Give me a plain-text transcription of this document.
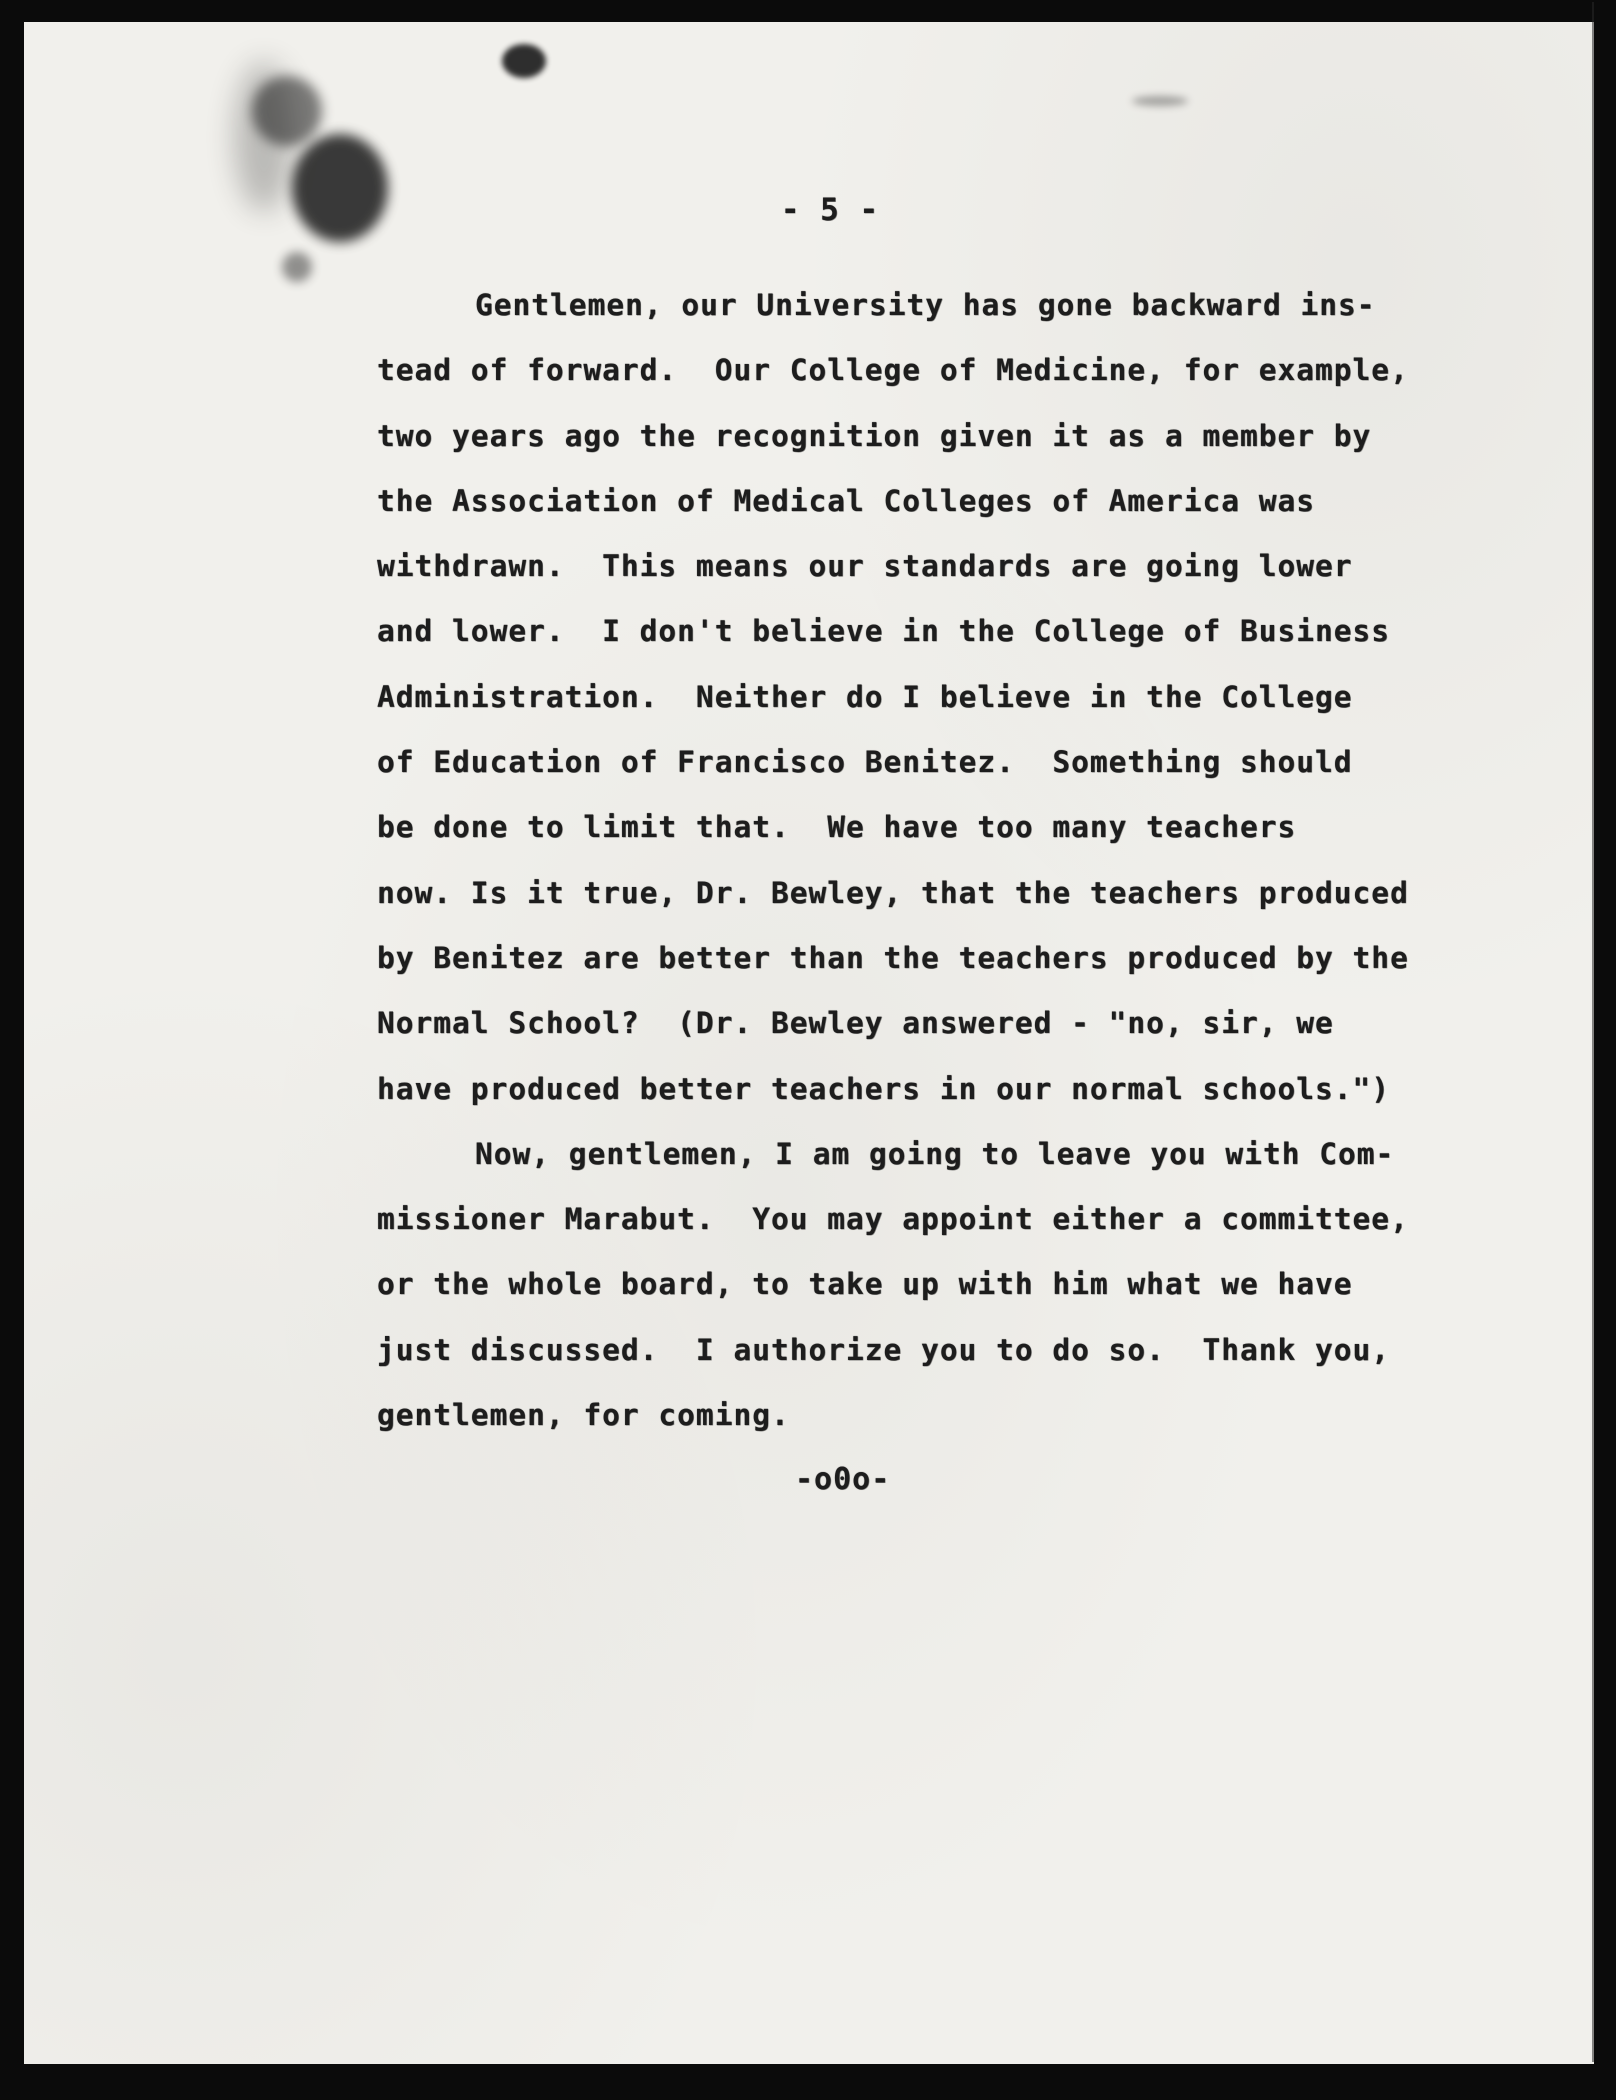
- 5 -
Gentlemen, our University has gone backward ins-
tead of forward.  Our College of Medicine, for example,
two years ago the recognition given it as a member by
the Association of Medical Colleges of America was
withdrawn.  This means our standards are going lower
and lower.  I don't believe in the College of Business
Administration.  Neither do I believe in the College
of Education of Francisco Benitez.  Something should
be done to limit that.  We have too many teachers
now. Is it true, Dr. Bewley, that the teachers produced
by Benitez are better than the teachers produced by the
Normal School?  (Dr. Bewley answered - "no, sir, we
have produced better teachers in our normal schools.")
Now, gentlemen, I am going to leave you with Com-
missioner Marabut.  You may appoint either a committee,
or the whole board, to take up with him what we have
just discussed.  I authorize you to do so.  Thank you,
gentlemen, for coming.
-o0o-
